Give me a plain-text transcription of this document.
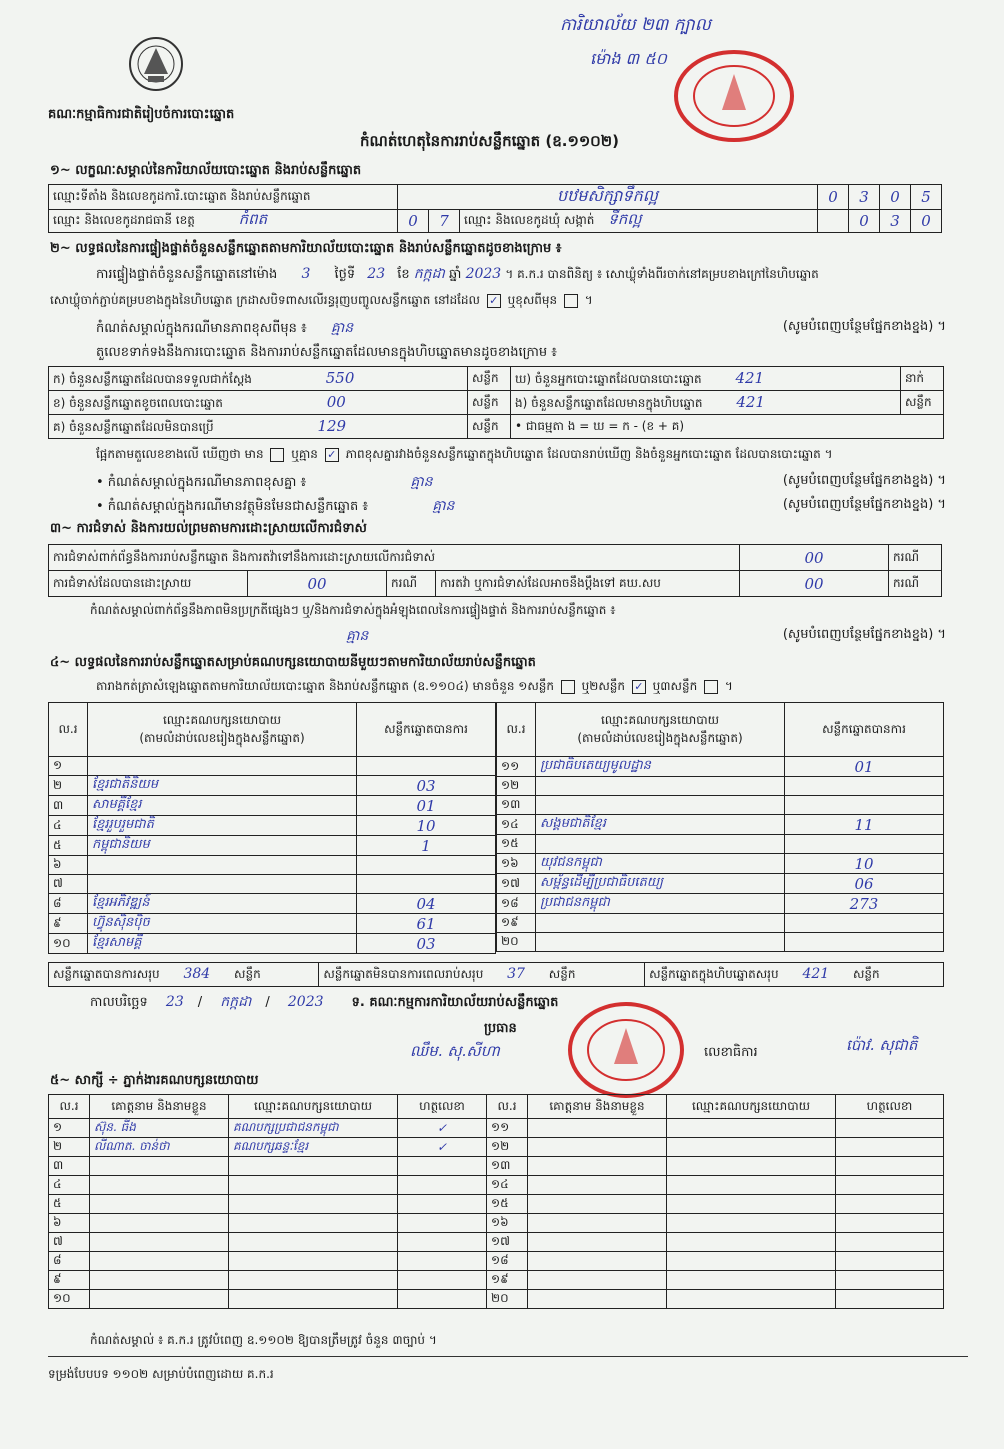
គណៈកម្មាធិការជាតិរៀបចំការបោះឆ្នោត
ការិយាល័យ ២៣ ក្បាល
ម៉ោង ៣ ៥០
កំណត់ហេតុនៃការរាប់សន្លឹកឆ្នោត (ឧ.១១០២)
១~ លក្ខណៈសម្គាល់នៃការិយាល័យបោះឆ្នោត និងរាប់សន្លឹកឆ្នោត
ឈ្មោះទីតាំង និងលេខកូដការិ.បោះឆ្នោត និងរាប់សន្លឹកឆ្នោត	បឋមសិក្សាទឹកល្អ			0	3	0	5
ឈ្មោះ និងលេខកូដរាជធានី ខេត្ត កំពត	0	7	ឈ្មោះ និងលេខកូដឃុំ សង្កាត់ ទឹកល្អ		0	3	0
២~ លទ្ធផលនៃការផ្ទៀងផ្ទាត់ចំនួនសន្លឹកឆ្នោតតាមការិយាល័យបោះឆ្នោត និងរាប់សន្លឹកឆ្នោតដូចខាងក្រោម ៖
ការផ្ទៀងផ្ទាត់ចំនួនសន្លឹកឆ្នោតនៅម៉ោង 3 ថ្ងៃទី 23 ខែ កក្កដា ឆ្នាំ 2023 ។ គ.ក.រ បានពិនិត្យ ៖ សោឃ្លុំទាំងពីរចាក់នៅគម្របខាងក្រៅនៃហិបឆ្នោត
សោឃ្លុំចាក់ភ្ជាប់គម្របខាងក្នុងនៃហិបឆ្នោត ក្រដាសបិទពាសលើរន្ធរុញបញ្ចូលសន្លឹកឆ្នោត នៅដដែល ✓ ឬខុសពីមុន  ។
កំណត់សម្គាល់ក្នុងករណីមានភាពខុសពីមុន ៖ គ្មាន	(សូមបំពេញបន្ថែមផ្នែកខាងខ្នង) ។
តួលេខទាក់ទងនឹងការបោះឆ្នោត និងការរាប់សន្លឹកឆ្នោតដែលមានក្នុងហិបឆ្នោតមានដូចខាងក្រោម ៖
ក) ចំនួនសន្លឹកឆ្នោតដែលបានទទួលជាក់ស្តែង 550	សន្លឹក	ឃ) ចំនួនអ្នកបោះឆ្នោតដែលបានបោះឆ្នោត 421	នាក់
ខ) ចំនួនសន្លឹកឆ្នោតខូចពេលបោះឆ្នោត 00	សន្លឹក	ង) ចំនួនសន្លឹកឆ្នោតដែលមានក្នុងហិបឆ្នោត 421	សន្លឹក
គ) ចំនួនសន្លឹកឆ្នោតដែលមិនបានប្រើ 129	សន្លឹក	• ជាធម្មតា ង = ឃ = ក - (ខ + គ)	
ផ្អែកតាមតួលេខខាងលើ ឃើញថា មាន ឬគ្មាន ✓ ភាពខុសគ្នារវាងចំនួនសន្លឹកឆ្នោតក្នុងហិបឆ្នោត ដែលបានរាប់ឃើញ និងចំនួនអ្នកបោះឆ្នោត ដែលបានបោះឆ្នោត ។
• កំណត់សម្គាល់ក្នុងករណីមានភាពខុសគ្នា ៖	គ្មាន	(សូមបំពេញបន្ថែមផ្នែកខាងខ្នង) ។
• កំណត់សម្គាល់ក្នុងករណីមានវត្ថុមិនមែនជាសន្លឹកឆ្នោត ៖	គ្មាន	(សូមបំពេញបន្ថែមផ្នែកខាងខ្នង) ។
៣~ ការជំទាស់ និងការយល់ព្រមតាមការដោះស្រាយលើការជំទាស់
ការជំទាស់ពាក់ព័ន្ធនឹងការរាប់សន្លឹកឆ្នោត និងការតវ៉ាទៅនឹងការដោះស្រាយលើការជំទាស់				00	ករណី
ការជំទាស់ដែលបានដោះស្រាយ	00	ករណី	ការតវ៉ា ឬការជំទាស់ដែលអាចនឹងប្តឹងទៅ គឃ.សប	00	ករណី
កំណត់សម្គាល់ពាក់ព័ន្ធនឹងភាពមិនប្រក្រតីផ្សេងៗ ឬ/និងការជំទាស់ក្នុងអំឡុងពេលនៃការផ្ទៀងផ្ទាត់ និងការរាប់សន្លឹកឆ្នោត ៖
គ្មាន	(សូមបំពេញបន្ថែមផ្នែកខាងខ្នង) ។
៤~ លទ្ធផលនៃការរាប់សន្លឹកឆ្នោតសម្រាប់គណបក្សនយោបាយនីមួយៗតាមការិយាល័យរាប់សន្លឹកឆ្នោត
តារាងកត់ត្រាសំឡេងឆ្នោតតាមការិយាល័យបោះឆ្នោត និងរាប់សន្លឹកឆ្នោត (ឧ.១១០៤) មានចំនួន ១សន្លឹក ឬ២សន្លឹក ✓ ឬ៣សន្លឹក  ។
ល.រ	ឈ្មោះគណបក្សនយោបាយ
(តាមលំដាប់លេខរៀងក្នុងសន្លឹកឆ្នោត)	សន្លឹកឆ្នោតបានការ
១		
២	ខ្មែរជាតិនិយម	03
៣	សាមគ្គីខ្មែរ	01
៤	ខ្មែររួបរួមជាតិ	10
៥	កម្ពុជានិយម	1
៦		
៧		
៨	ខ្មែរអភិវឌ្ឍន៍	04
៩	ហ៊្វុនស៊ិនប៉ិច	61
១០	ខ្មែរសាមគ្គី	03
ល.រ	ឈ្មោះគណបក្សនយោបាយ
(តាមលំដាប់លេខរៀងក្នុងសន្លឹកឆ្នោត)	សន្លឹកឆ្នោតបានការ
១១	ប្រជាធិបតេយ្យមូលដ្ឋាន	01
១២		
១៣		
១៤	សង្គមជាតិខ្មែរ	11
១៥		
១៦	យុវជនកម្ពុជា	10
១៧	សម្ព័ន្ធដើម្បីប្រជាធិបតេយ្យ	06
១៨	ប្រជាជនកម្ពុជា	273
១៩		
២០		
សន្លឹកឆ្នោតបានការសរុប 384 សន្លឹក	សន្លឹកឆ្នោតមិនបានការពេលរាប់សរុប 37 សន្លឹក	សន្លឹកឆ្នោតក្នុងហិបឆ្នោតសរុប 421 សន្លឹក
កាលបរិច្ឆេទ 23 / កក្កដា / 2023 ទ. គណៈកម្មការការិយាល័យរាប់សន្លឹកឆ្នោត
ប្រធាន
ឈឹម. សុ.សីហា	លេខាធិការ	ប៉ោវ. សុជាតិ
៥~ សាក្សី ÷ ភ្នាក់ងារគណបក្សនយោបាយ
ល.រ	គោត្តនាម និងនាមខ្លួន	ឈ្មោះគណបក្សនយោបាយ	ហត្ថលេខា	ល.រ	គោត្តនាម និងនាមខ្លួន	ឈ្មោះគណបក្សនយោបាយ	ហត្ថលេខា
១	ស៊ុន. ធីង	គណបក្សប្រជាជនកម្ពុជា	✓	១១			
២	លីណាត. ចាន់ថា	គណបក្សឆន្ទៈខ្មែរ	✓	១២			
៣				១៣			
៤				១៤			
៥				១៥			
៦				១៦			
៧				១៧			
៨				១៨			
៩				១៩			
១០				២០			
កំណត់សម្គាល់ ៖ គ.ក.រ ត្រូវបំពេញ ឧ.១១០២ ឱ្យបានត្រឹមត្រូវ ចំនួន ៣ច្បាប់ ។
ទម្រង់បែបបទ ១១០២ សម្រាប់បំពេញដោយ គ.ក.រ
